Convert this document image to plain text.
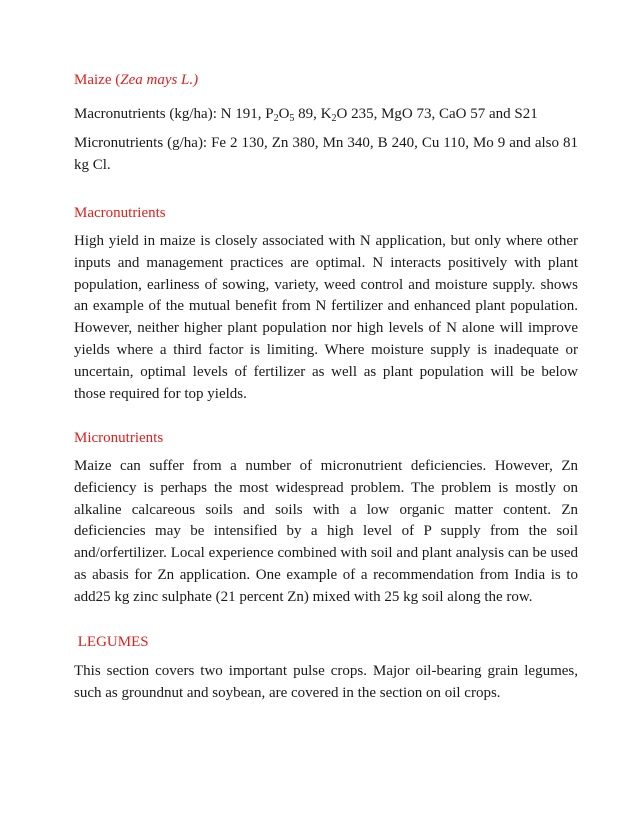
Maize (Zea mays L.)
Macronutrients (kg/ha): N 191, $P_2O_5$ 89, $K_2O$ 235, MgO 73, CaO 57 and S21
Micronutrients (g/ha): Fe 2 130, Zn 380, Mn 340, B 240, Cu 110, Mo 9 and also 81 kg Cl.
Macronutrients
High yield in maize is closely associated with N application, but only where other inputs and management practices are optimal. N interacts positively with plant population, earliness of sowing, variety, weed control and moisture supply. shows an example of the mutual benefit from N fertilizer and enhanced plant population. However, neither higher plant population nor high levels of N alone will improve yields where a third factor is limiting. Where moisture supply is inadequate or uncertain, optimal levels of fertilizer as well as plant population will be below those required for top yields.
Micronutrients
Maize can suffer from a number of micronutrient deficiencies. However, Zn deficiency is perhaps the most widespread problem. The problem is mostly on alkaline calcareous soils and soils with a low organic matter content. Zn deficiencies may be intensified by a high level of P supply from the soil and/orfertilizer. Local experience combined with soil and plant analysis can be used as abasis for Zn application. One example of a recommendation from India is to add25 kg zinc sulphate (21 percent Zn) mixed with 25 kg soil along the row.
LEGUMES
This section covers two important pulse crops. Major oil-bearing grain legumes, such as groundnut and soybean, are covered in the section on oil crops.
